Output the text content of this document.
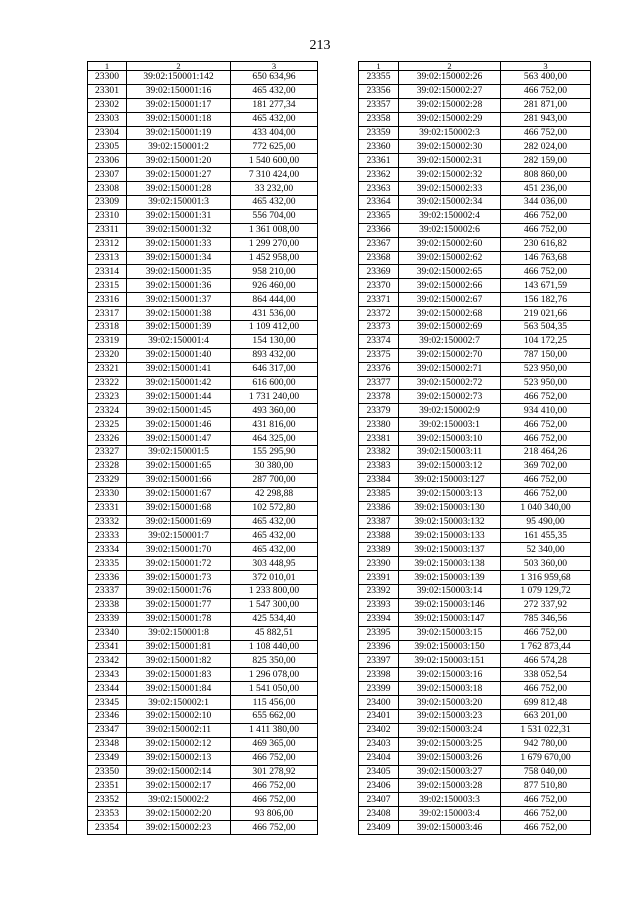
213
1	2	3
23300	39:02:150001:142	650 634,96
23301	39:02:150001:16	465 432,00
23302	39:02:150001:17	181 277,34
23303	39:02:150001:18	465 432,00
23304	39:02:150001:19	433 404,00
23305	39:02:150001:2	772 625,00
23306	39:02:150001:20	1 540 600,00
23307	39:02:150001:27	7 310 424,00
23308	39:02:150001:28	33 232,00
23309	39:02:150001:3	465 432,00
23310	39:02:150001:31	556 704,00
23311	39:02:150001:32	1 361 008,00
23312	39:02:150001:33	1 299 270,00
23313	39:02:150001:34	1 452 958,00
23314	39:02:150001:35	958 210,00
23315	39:02:150001:36	926 460,00
23316	39:02:150001:37	864 444,00
23317	39:02:150001:38	431 536,00
23318	39:02:150001:39	1 109 412,00
23319	39:02:150001:4	154 130,00
23320	39:02:150001:40	893 432,00
23321	39:02:150001:41	646 317,00
23322	39:02:150001:42	616 600,00
23323	39:02:150001:44	1 731 240,00
23324	39:02:150001:45	493 360,00
23325	39:02:150001:46	431 816,00
23326	39:02:150001:47	464 325,00
23327	39:02:150001:5	155 295,90
23328	39:02:150001:65	30 380,00
23329	39:02:150001:66	287 700,00
23330	39:02:150001:67	42 298,88
23331	39:02:150001:68	102 572,80
23332	39:02:150001:69	465 432,00
23333	39:02:150001:7	465 432,00
23334	39:02:150001:70	465 432,00
23335	39:02:150001:72	303 448,95
23336	39:02:150001:73	372 010,01
23337	39:02:150001:76	1 233 800,00
23338	39:02:150001:77	1 547 300,00
23339	39:02:150001:78	425 534,40
23340	39:02:150001:8	45 882,51
23341	39:02:150001:81	1 108 440,00
23342	39:02:150001:82	825 350,00
23343	39:02:150001:83	1 296 078,00
23344	39:02:150001:84	1 541 050,00
23345	39:02:150002:1	115 456,00
23346	39:02:150002:10	655 662,00
23347	39:02:150002:11	1 411 380,00
23348	39:02:150002:12	469 365,00
23349	39:02:150002:13	466 752,00
23350	39:02:150002:14	301 278,92
23351	39:02:150002:17	466 752,00
23352	39:02:150002:2	466 752,00
23353	39:02:150002:20	93 806,00
23354	39:02:150002:23	466 752,00
1	2	3
23355	39:02:150002:26	563 400,00
23356	39:02:150002:27	466 752,00
23357	39:02:150002:28	281 871,00
23358	39:02:150002:29	281 943,00
23359	39:02:150002:3	466 752,00
23360	39:02:150002:30	282 024,00
23361	39:02:150002:31	282 159,00
23362	39:02:150002:32	808 860,00
23363	39:02:150002:33	451 236,00
23364	39:02:150002:34	344 036,00
23365	39:02:150002:4	466 752,00
23366	39:02:150002:6	466 752,00
23367	39:02:150002:60	230 616,82
23368	39:02:150002:62	146 763,68
23369	39:02:150002:65	466 752,00
23370	39:02:150002:66	143 671,59
23371	39:02:150002:67	156 182,76
23372	39:02:150002:68	219 021,66
23373	39:02:150002:69	563 504,35
23374	39:02:150002:7	104 172,25
23375	39:02:150002:70	787 150,00
23376	39:02:150002:71	523 950,00
23377	39:02:150002:72	523 950,00
23378	39:02:150002:73	466 752,00
23379	39:02:150002:9	934 410,00
23380	39:02:150003:1	466 752,00
23381	39:02:150003:10	466 752,00
23382	39:02:150003:11	218 464,26
23383	39:02:150003:12	369 702,00
23384	39:02:150003:127	466 752,00
23385	39:02:150003:13	466 752,00
23386	39:02:150003:130	1 040 340,00
23387	39:02:150003:132	95 490,00
23388	39:02:150003:133	161 455,35
23389	39:02:150003:137	52 340,00
23390	39:02:150003:138	503 360,00
23391	39:02:150003:139	1 316 959,68
23392	39:02:150003:14	1 079 129,72
23393	39:02:150003:146	272 337,92
23394	39:02:150003:147	785 346,56
23395	39:02:150003:15	466 752,00
23396	39:02:150003:150	1 762 873,44
23397	39:02:150003:151	466 574,28
23398	39:02:150003:16	338 052,54
23399	39:02:150003:18	466 752,00
23400	39:02:150003:20	699 812,48
23401	39:02:150003:23	663 201,00
23402	39:02:150003:24	1 531 022,31
23403	39:02:150003:25	942 780,00
23404	39:02:150003:26	1 679 670,00
23405	39:02:150003:27	758 040,00
23406	39:02:150003:28	877 510,80
23407	39:02:150003:3	466 752,00
23408	39:02:150003:4	466 752,00
23409	39:02:150003:46	466 752,00
